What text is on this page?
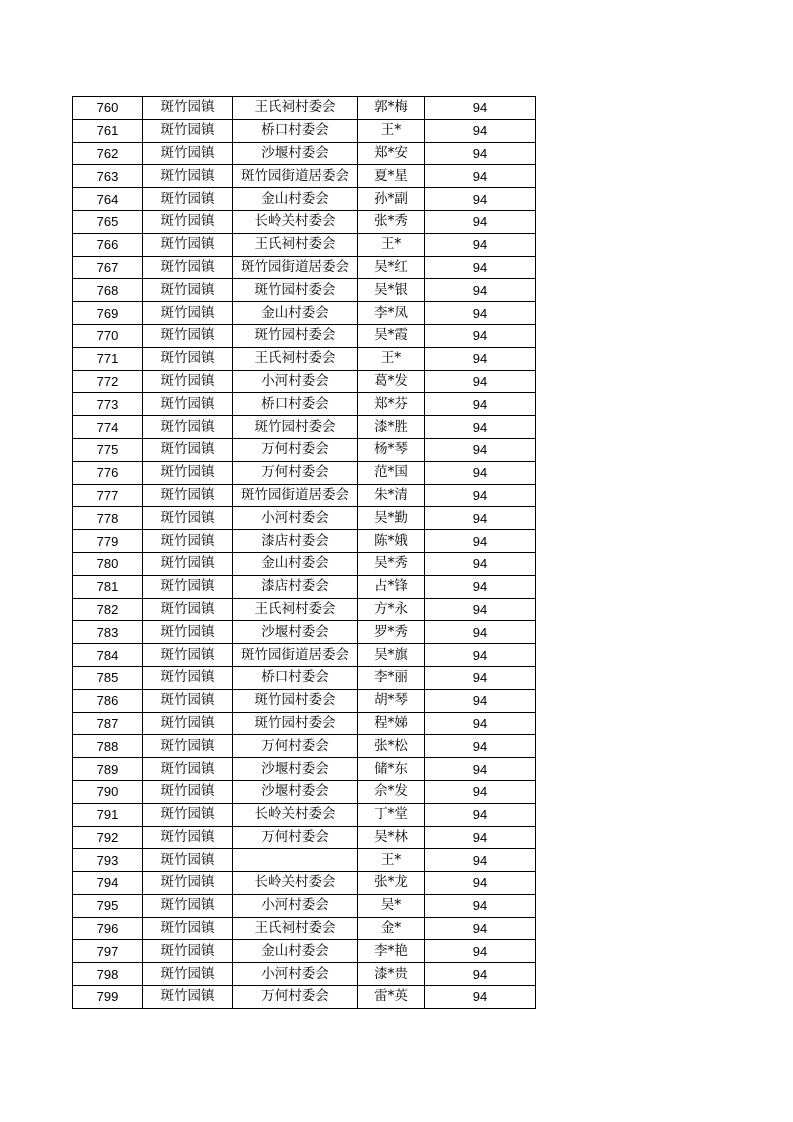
760	斑竹园镇	王氏祠村委会	郭*梅	94
761	斑竹园镇	桥口村委会	王*	94
762	斑竹园镇	沙堰村委会	郑*安	94
763	斑竹园镇	斑竹园街道居委会	夏*星	94
764	斑竹园镇	金山村委会	孙*副	94
765	斑竹园镇	长岭关村委会	张*秀	94
766	斑竹园镇	王氏祠村委会	王*	94
767	斑竹园镇	斑竹园街道居委会	吴*红	94
768	斑竹园镇	斑竹园村委会	吴*银	94
769	斑竹园镇	金山村委会	李*凤	94
770	斑竹园镇	斑竹园村委会	吴*霞	94
771	斑竹园镇	王氏祠村委会	王*	94
772	斑竹园镇	小河村委会	葛*发	94
773	斑竹园镇	桥口村委会	郑*芬	94
774	斑竹园镇	斑竹园村委会	漆*胜	94
775	斑竹园镇	万何村委会	杨*琴	94
776	斑竹园镇	万何村委会	范*国	94
777	斑竹园镇	斑竹园街道居委会	朱*清	94
778	斑竹园镇	小河村委会	吴*勤	94
779	斑竹园镇	漆店村委会	陈*娥	94
780	斑竹园镇	金山村委会	吴*秀	94
781	斑竹园镇	漆店村委会	占*锋	94
782	斑竹园镇	王氏祠村委会	方*永	94
783	斑竹园镇	沙堰村委会	罗*秀	94
784	斑竹园镇	斑竹园街道居委会	吴*旗	94
785	斑竹园镇	桥口村委会	李*丽	94
786	斑竹园镇	斑竹园村委会	胡*琴	94
787	斑竹园镇	斑竹园村委会	程*娣	94
788	斑竹园镇	万何村委会	张*松	94
789	斑竹园镇	沙堰村委会	储*东	94
790	斑竹园镇	沙堰村委会	佘*发	94
791	斑竹园镇	长岭关村委会	丁*堂	94
792	斑竹园镇	万何村委会	吴*林	94
793	斑竹园镇		王*	94
794	斑竹园镇	长岭关村委会	张*龙	94
795	斑竹园镇	小河村委会	吴*	94
796	斑竹园镇	王氏祠村委会	金*	94
797	斑竹园镇	金山村委会	李*艳	94
798	斑竹园镇	小河村委会	漆*贵	94
799	斑竹园镇	万何村委会	雷*英	94
